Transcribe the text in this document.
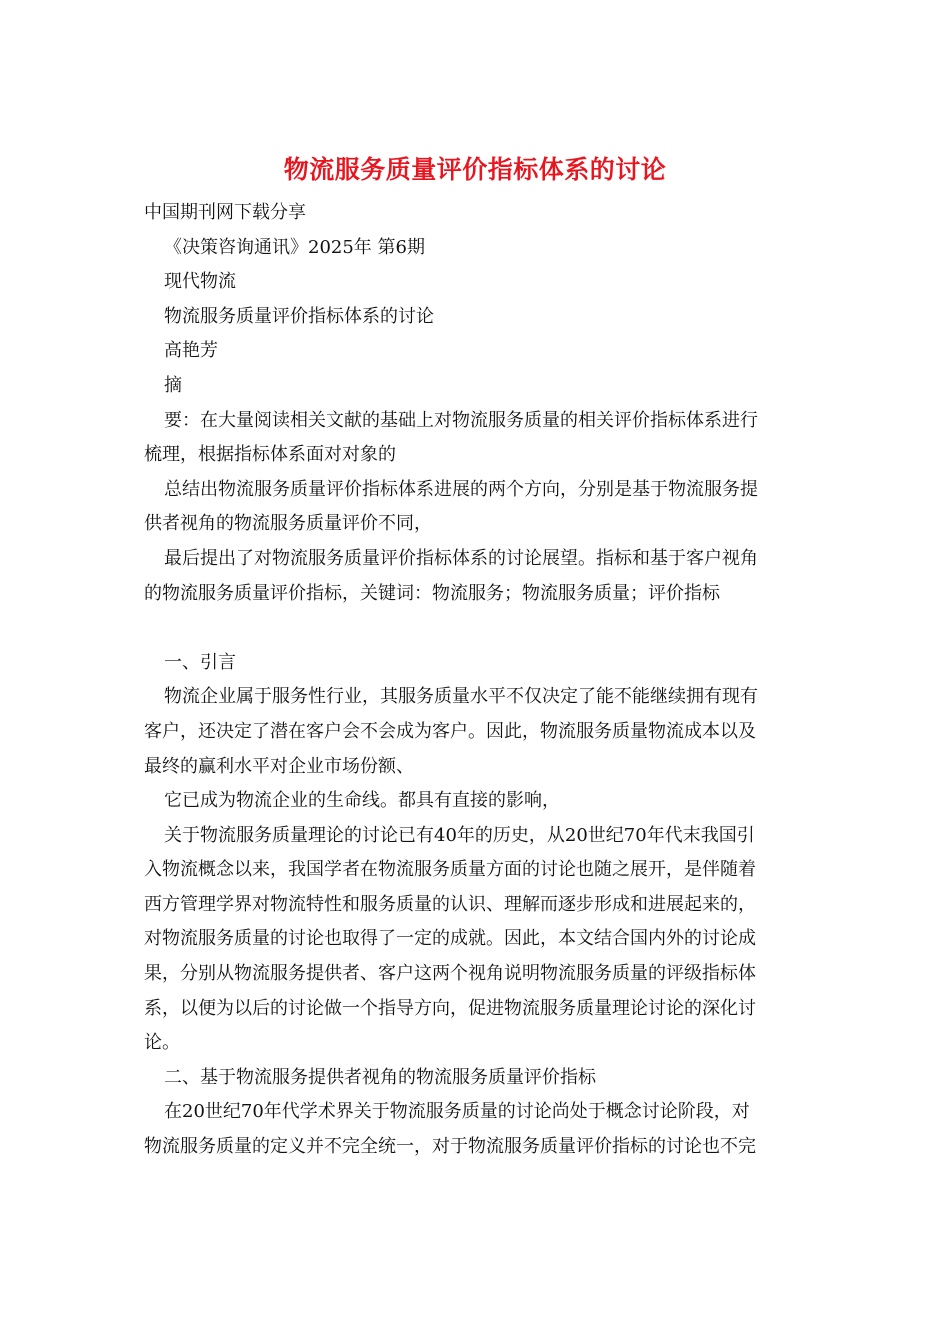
物流服务质量评价指标体系的讨论
中国期刊网下载分享
《决策咨询通讯》2025年 第6期
现代物流
物流服务质量评价指标体系的讨论
高艳芳
摘
要：在大量阅读相关文献的基础上对物流服务质量的相关评价指标体系进行
梳理，根据指标体系面对对象的
总结出物流服务质量评价指标体系进展的两个方向，分别是基于物流服务提
供者视角的物流服务质量评价不同，
最后提出了对物流服务质量评价指标体系的讨论展望。指标和基于客户视角
的物流服务质量评价指标，关键词：物流服务；物流服务质量；评价指标
一、引言
物流企业属于服务性行业，其服务质量水平不仅决定了能不能继续拥有现有
客户，还决定了潜在客户会不会成为客户。因此，物流服务质量物流成本以及
最终的赢利水平对企业市场份额、
它已成为物流企业的生命线。都具有直接的影响，
关于物流服务质量理论的讨论已有40年的历史，从20世纪70年代末我国引
入物流概念以来，我国学者在物流服务质量方面的讨论也随之展开，是伴随着
西方管理学界对物流特性和服务质量的认识、理解而逐步形成和进展起来的，
对物流服务质量的讨论也取得了一定的成就。因此，本文结合国内外的讨论成
果，分别从物流服务提供者、客户这两个视角说明物流服务质量的评级指标体
系，以便为以后的讨论做一个指导方向，促进物流服务质量理论讨论的深化讨
论。
二、基于物流服务提供者视角的物流服务质量评价指标
在20世纪70年代学术界关于物流服务质量的讨论尚处于概念讨论阶段，对
物流服务质量的定义并不完全统一，对于物流服务质量评价指标的讨论也不完
